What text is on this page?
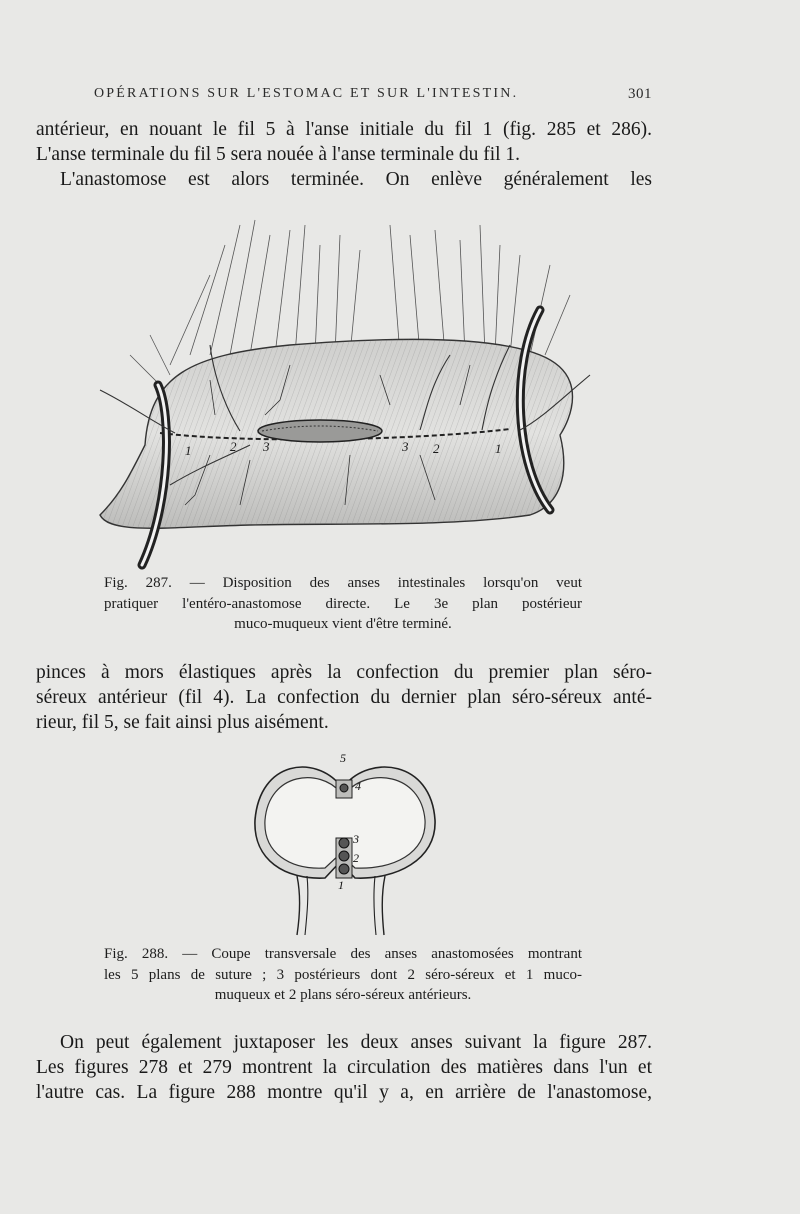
OPÉRATIONS SUR L'ESTOMAC ET SUR L'INTESTIN.	301
antérieur, en nouant le fil 5 à l'anse initiale du fil 1 (fig. 285 et 286).
L'anse terminale du fil 5 sera nouée à l'anse terminale du fil 1.
L'anastomose est alors terminée. On enlève généralement les
1	2 3	3 2	1
Fig. 287. — Disposition des anses intestinales lorsqu'on veut
pratiquer l'entéro-anastomose directe. Le 3e plan postérieur
muco-muqueux vient d'être terminé.
pinces à mors élastiques après la confection du premier plan séro-
séreux antérieur (fil 4). La confection du dernier plan séro-séreux anté-
rieur, fil 5, se fait ainsi plus aisément.
5
4
3
2
1
Fig. 288. — Coupe transversale des anses anastomosées montrant
les 5 plans de suture ; 3 postérieurs dont 2 séro-séreux et 1 muco-
muqueux et 2 plans séro-séreux antérieurs.
On peut également juxtaposer les deux anses suivant la figure 287.
Les figures 278 et 279 montrent la circulation des matières dans l'un et
l'autre cas. La figure 288 montre qu'il y a, en arrière de l'anastomose,
